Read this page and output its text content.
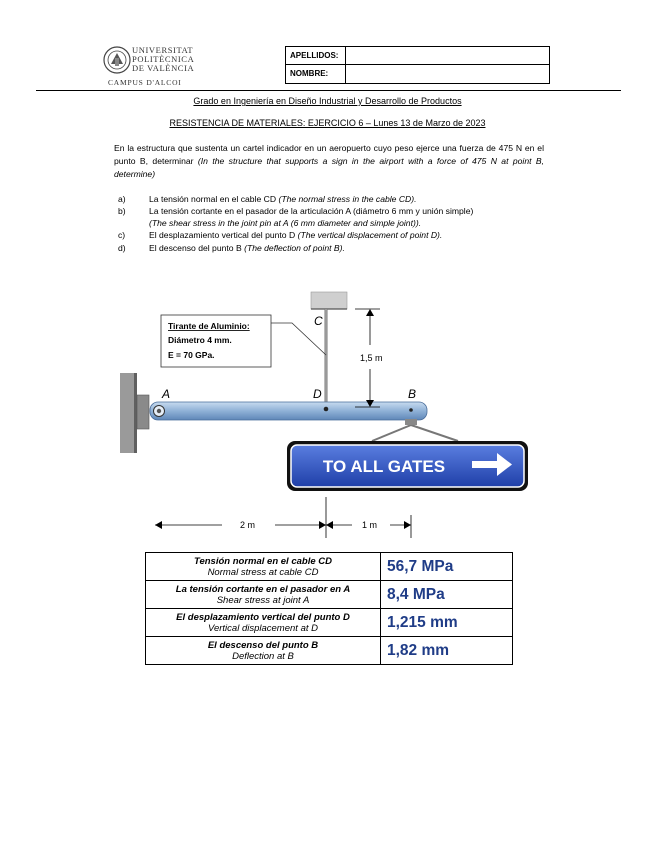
UNIVERSITAT
POLITÈCNICA
DE VALÈNCIA
CAMPUS D'ALCOI
APELLIDOS:
NOMBRE:
Grado en Ingeniería en Diseño Industrial y Desarrollo de Productos
RESISTENCIA DE MATERIALES: EJERCICIO 6 – Lunes 13 de Marzo de 2023
En la estructura que sustenta un cartel indicador en un aeropuerto cuyo peso ejerce una fuerza de 475 N en el punto B, determinar (In the structure that supports a sign in the airport with a force of 475 N at point B, determine)
a)	La tensión normal en el cable CD (The normal stress in the cable CD).
b)	La tensión cortante en el pasador de la articulación A (diámetro 6 mm y unión simple)
(The shear stress in the joint pin at A (6 mm diameter and simple joint)).
c)	El desplazamiento vertical del punto D (The vertical displacement of point D).
d)	El descenso del punto B (The deflection of point B).
TO ALL GATES
Tirante de Aluminio:
Diámetro 4 mm.
E = 70 GPa.
C
A	D	B
1,5 m
2 m	1 m
Tensión normal en el cable CD
Normal stress at cable CD	56,7 MPa

La tensión cortante en el pasador en A
Shear stress at joint A	8,4 MPa

El desplazamiento vertical del punto D
Vertical displacement at D	1,215 mm

El descenso del punto B
Deflection at B	1,82 mm
